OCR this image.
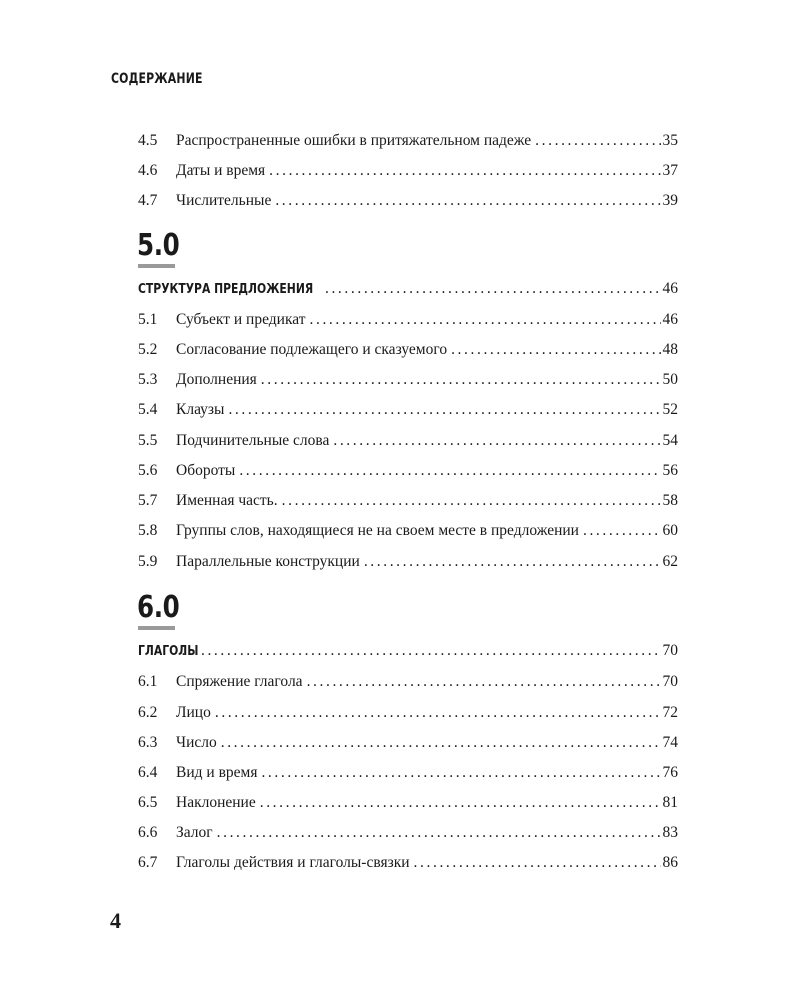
СОДЕРЖАНИЕ
4.5	Распространенные ошибки в притяжательном падеже .....	35
4.6	Даты и время .....	37
4.7	Числительные .....	39
5.0
СТРУКТУРА ПРЕДЛОЖЕНИЯ .....	46
5.1	Субъект и предикат .....	46
5.2	Согласование подлежащего и сказуемого .....	48
5.3	Дополнения .....	50
5.4	Клаузы .....	52
5.5	Подчинительные слова .....	54
5.6	Обороты .....	56
5.7	Именная часть. .....	58
5.8	Группы слов, находящиеся не на своем месте в предложении .....	60
5.9	Параллельные конструкции .....	62
6.0
ГЛАГОЛЫ .....	70
6.1	Спряжение глагола .....	70
6.2	Лицо .....	72
6.3	Число .....	74
6.4	Вид и время .....	76
6.5	Наклонение .....	81
6.6	Залог .....	83
6.7	Глаголы действия и глаголы-связки .....	86
4
